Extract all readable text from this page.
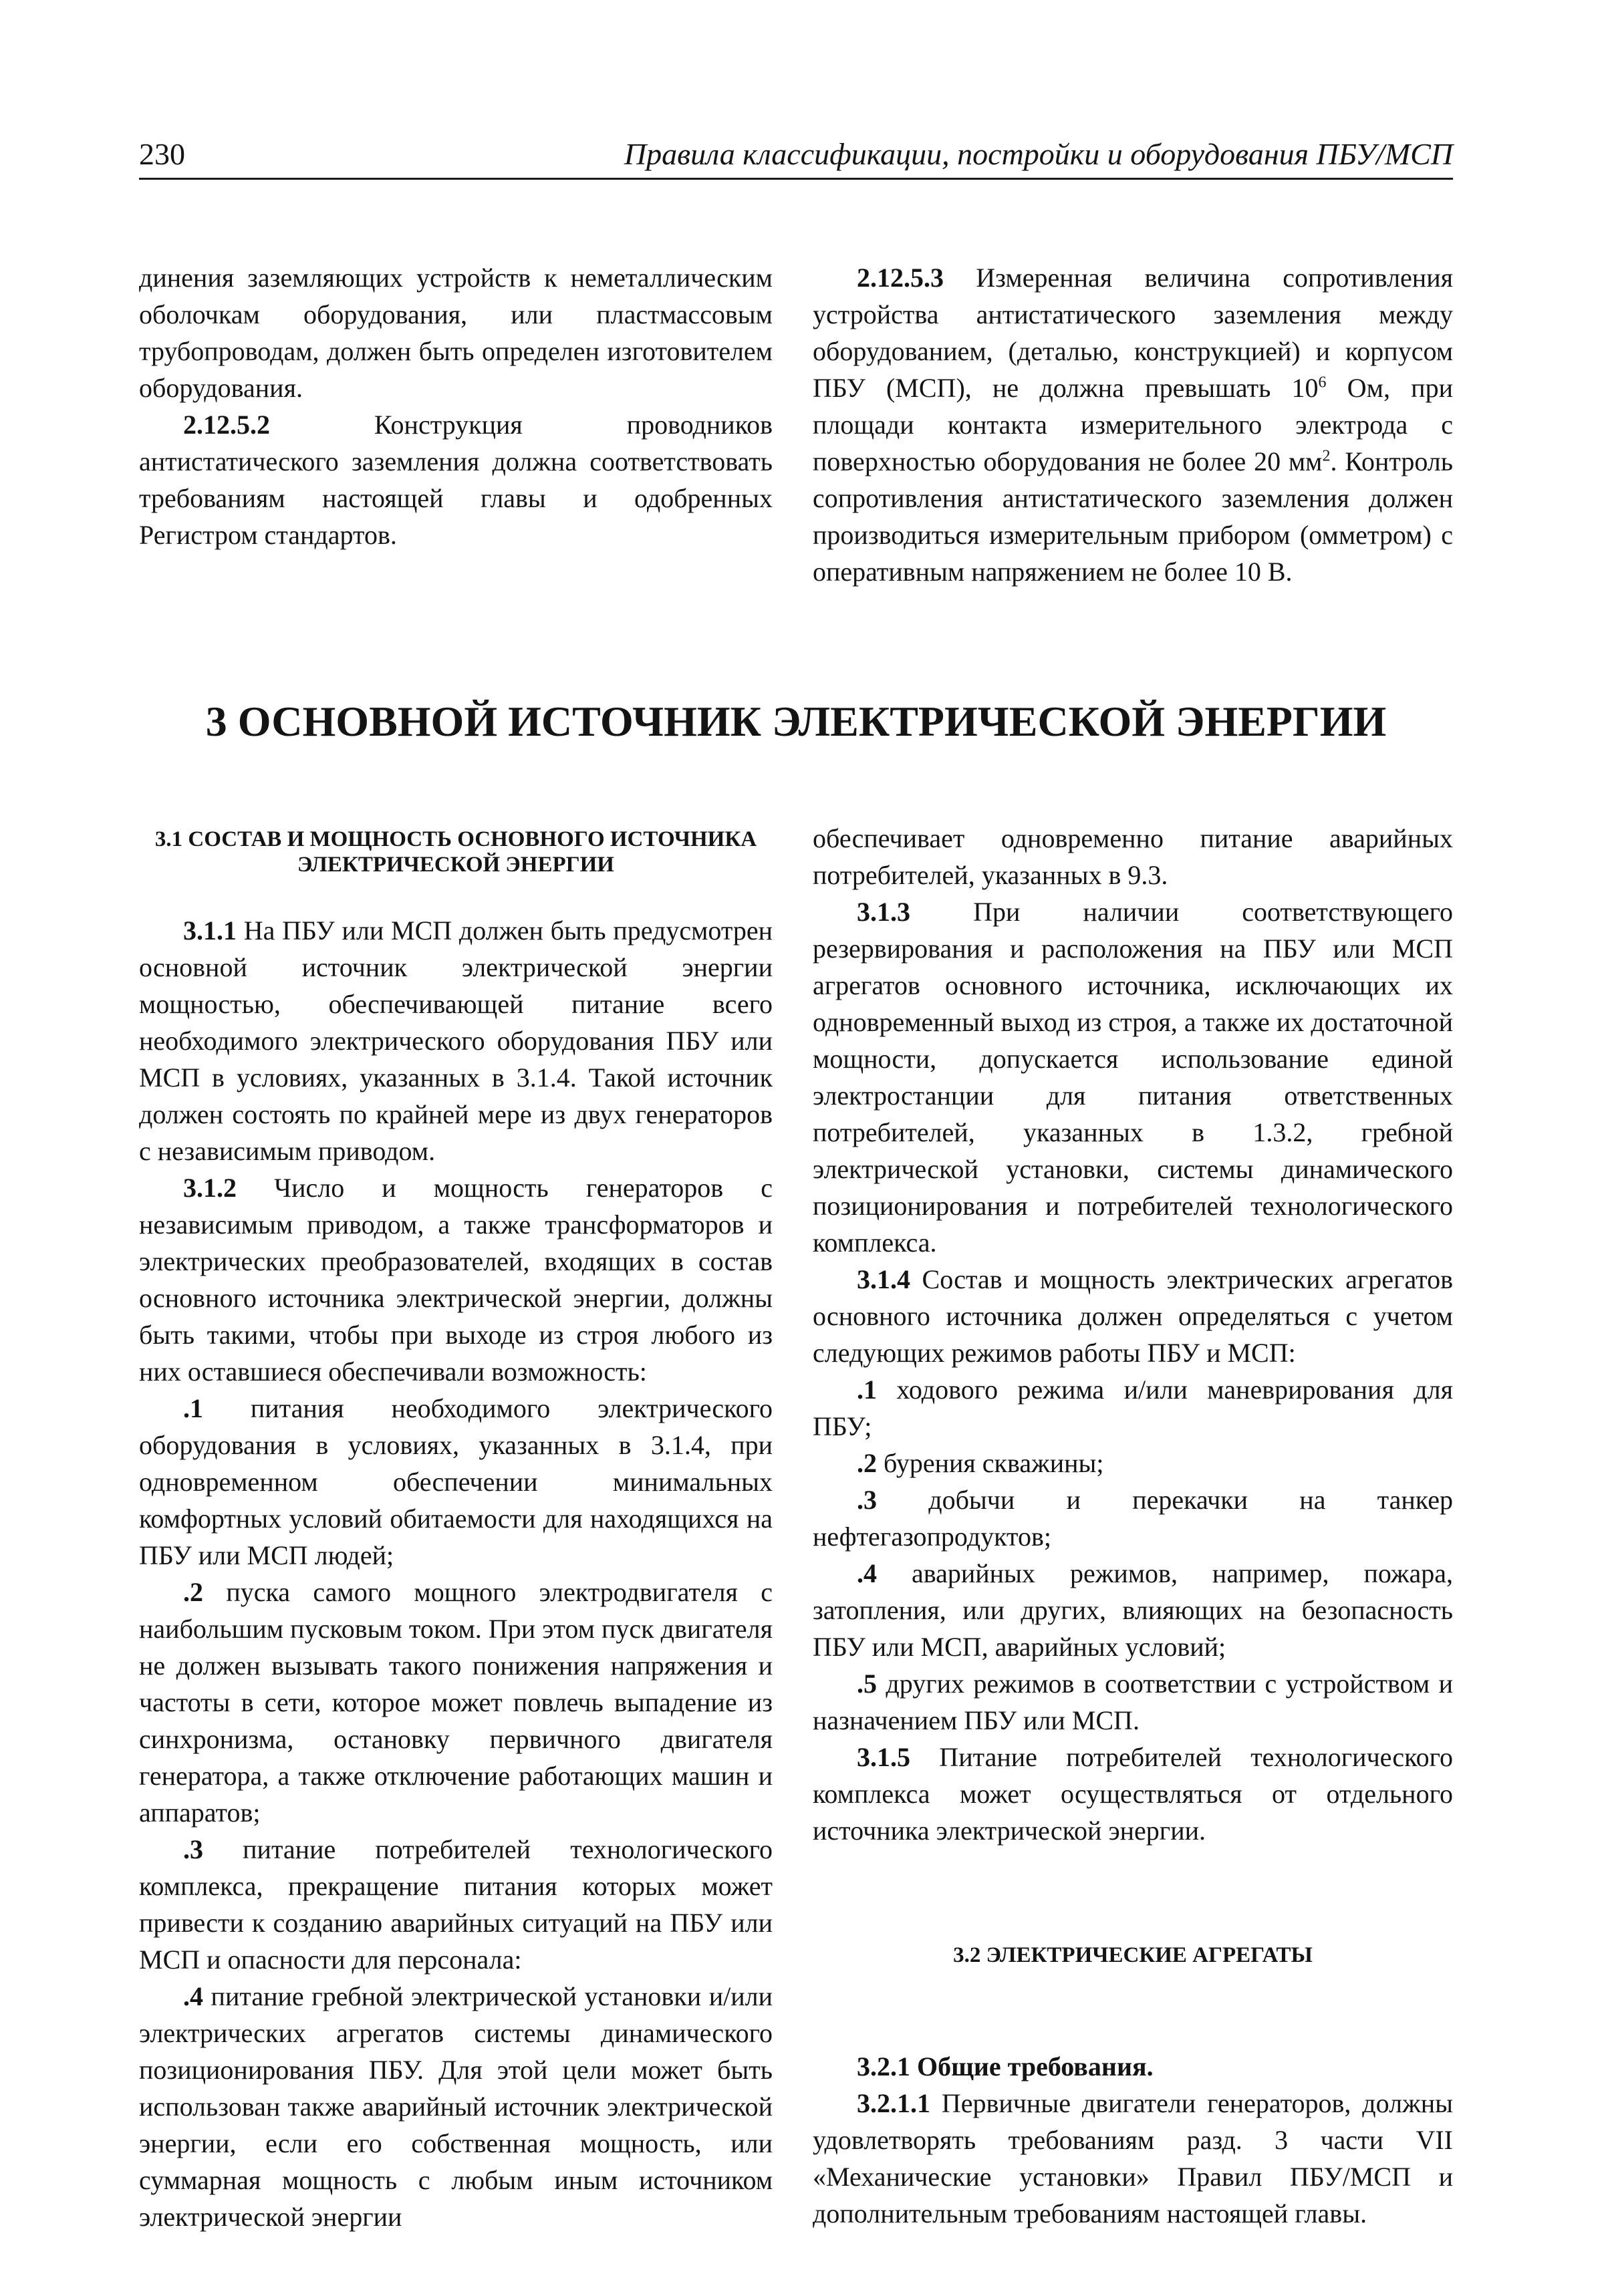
230	Правила классификации, постройки и оборудования ПБУ/МСП

динения заземляющих устройств к неметаллическим оболочкам оборудования, или пластмассовым трубопроводам, должен быть определен изготовителем оборудования.

2.12.5.2 Конструкция проводников антистатического заземления должна соответствовать требованиям настоящей главы и одобренных Регистром стандартов.

2.12.5.3 Измеренная величина сопротивления устройства антистатического заземления между оборудованием, (деталью, конструкцией) и корпусом ПБУ (МСП), не должна превышать $10^6$ Ом, при площади контакта измерительного электрода с поверхностью оборудования не более 20 $мм^2$. Контроль сопротивления антистатического заземления должен производиться измерительным прибором (омметром) с оперативным напряжением не более 10 В.

3 ОСНОВНОЙ ИСТОЧНИК ЭЛЕКТРИЧЕСКОЙ ЭНЕРГИИ

3.1 СОСТАВ И МОЩНОСТЬ ОСНОВНОГО ИСТОЧНИКА

ЭЛЕКТРИЧЕСКОЙ ЭНЕРГИИ

3.1.1 На ПБУ или МСП должен быть предусмотрен основной источник электрической энергии мощностью, обеспечивающей питание всего необходимого электрического оборудования ПБУ или МСП в условиях, указанных в 3.1.4. Такой источник должен состоять по крайней мере из двух генераторов с независимым приводом.

3.1.2 Число и мощность генераторов с независимым приводом, а также трансформаторов и электрических преобразователей, входящих в состав основного источника электрической энергии, должны быть такими, чтобы при выходе из строя любого из них оставшиеся обеспечивали возможность:

.1 питания необходимого электрического оборудования в условиях, указанных в 3.1.4, при одновременном обеспечении минимальных комфортных условий обитаемости для находящихся на ПБУ или МСП людей;

.2 пуска самого мощного электродвигателя с наибольшим пусковым током. При этом пуск двигателя не должен вызывать такого понижения напряжения и частоты в сети, которое может повлечь выпадение из синхронизма, остановку первичного двигателя генератора, а также отключение работающих машин и аппаратов;

.3 питание потребителей технологического комплекса, прекращение питания которых может привести к созданию аварийных ситуаций на ПБУ или МСП и опасности для персонала:

.4 питание гребной электрической установки и/или электрических агрегатов системы динамического позиционирования ПБУ. Для этой цели может быть использован также аварийный источник электрической энергии, если его собственная мощность, или суммарная мощность с любым иным источником электрической энергии

обеспечивает одновременно питание аварийных потребителей, указанных в 9.3.

3.1.3 При наличии соответствующего резервирования и расположения на ПБУ или МСП агрегатов основного источника, исключающих их одновременный выход из строя, а также их достаточной мощности, допускается использование единой электростанции для питания ответственных потребителей, указанных в 1.3.2, гребной электрической установки, системы динамического позиционирования и потребителей технологического комплекса.

3.1.4 Состав и мощность электрических агрегатов основного источника должен определяться с учетом следующих режимов работы ПБУ и МСП:

.1 ходового режима и/или маневрирования для ПБУ;

.2 бурения скважины;

.3 добычи и перекачки на танкер нефтегазопродуктов;

.4 аварийных режимов, например, пожара, затопления, или других, влияющих на безопасность ПБУ или МСП, аварийных условий;

.5 других режимов в соответствии с устройством и назначением ПБУ или МСП.

3.1.5 Питание потребителей технологического комплекса может осуществляться от отдельного источника электрической энергии.

3.2 ЭЛЕКТРИЧЕСКИЕ АГРЕГАТЫ

3.2.1 Общие требования.

3.2.1.1 Первичные двигатели генераторов, должны удовлетворять требованиям разд. 3 части VII «Механические установки» Правил ПБУ/МСП и дополнительным требованиям настоящей главы.
